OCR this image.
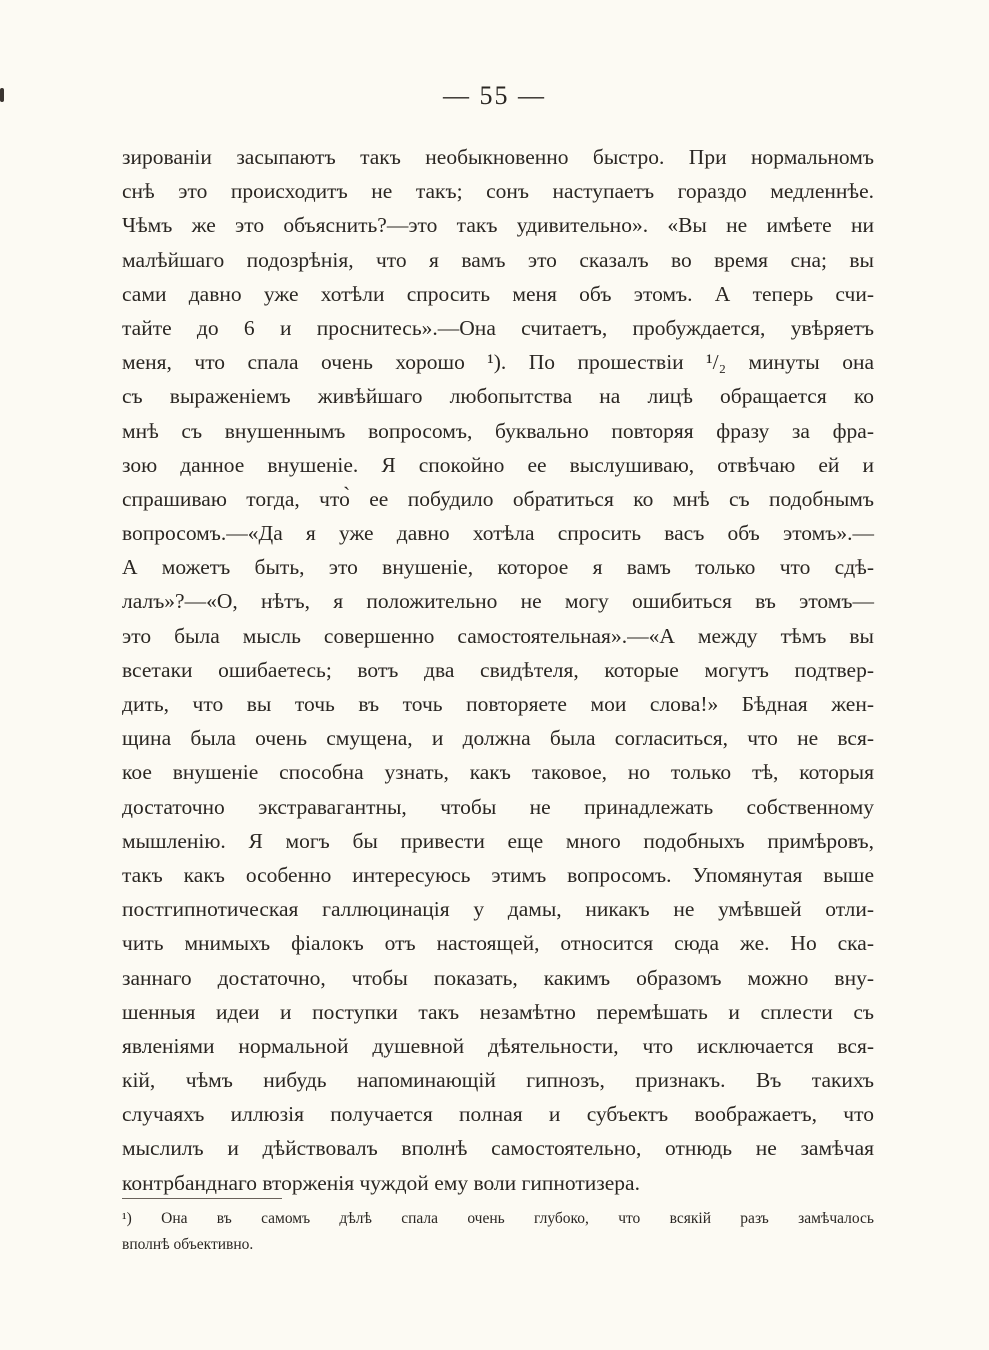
— 55 —
зированіи засыпаютъ такъ необыкновенно быстро. При нормальномъ
снѣ это происходитъ не такъ; сонъ наступаетъ гораздо медленнѣе.
Чѣмъ же это объяснить?—это такъ удивительно». «Вы не имѣете ни
малѣйшаго подозрѣнія, что я вамъ это сказалъ во время сна; вы
сами давно уже хотѣли спросить меня объ этомъ. А теперь счи-
тайте до 6 и проснитесь».—Она считаетъ, пробуждается, увѣряетъ
меня, что спала очень хорошо ¹). По прошествіи ¹/₂ минуты она
съ выраженіемъ живѣйшаго любопытства на лицѣ обращается ко
мнѣ съ внушеннымъ вопросомъ, буквально повторяя фразу за фра-
зою данное внушеніе. Я спокойно ее выслушиваю, отвѣчаю ей и
спрашиваю тогда, что̀ ее побудило обратиться ко мнѣ съ подобнымъ
вопросомъ.—«Да я уже давно хотѣла спросить васъ объ этомъ».—
А можетъ быть, это внушеніе, которое я вамъ только что сдѣ-
лалъ»?—«О, нѣтъ, я положительно не могу ошибиться въ этомъ—
это была мысль совершенно самостоятельная».—«А между тѣмъ вы
всетаки ошибаетесь; вотъ два свидѣтеля, которые могутъ подтвер-
дить, что вы точь въ точь повторяете мои слова!» Бѣдная жен-
щина была очень смущена, и должна была согласиться, что не вся-
кое внушеніе способна узнать, какъ таковое, но только тѣ, которыя
достаточно экстравагантны, чтобы не принадлежать собственному
мышленію. Я могъ бы привести еще много подобныхъ примѣровъ,
такъ какъ особенно интересуюсь этимъ вопросомъ. Упомянутая выше
постгипнотическая галлюцинація у дамы, никакъ не умѣвшей отли-
чить мнимыхъ фіалокъ отъ настоящей, относится сюда же. Но ска-
заннаго достаточно, чтобы показать, какимъ образомъ можно вну-
шенныя идеи и поступки такъ незамѣтно перемѣшать и сплести съ
явленіями нормальной душевной дѣятельности, что исключается вся-
кій, чѣмъ нибудь напоминающій гипнозъ, признакъ. Въ такихъ
случаяхъ иллюзія получается полная и субъектъ воображаетъ, что
мыслилъ и дѣйствовалъ вполнѣ самостоятельно, отнюдь не замѣчая
контрбанднаго вторженія чуждой ему воли гипнотизера.
¹) Она въ самомъ дѣлѣ спала очень глубоко, что всякій разъ замѣчалось
вполнѣ объективно.
